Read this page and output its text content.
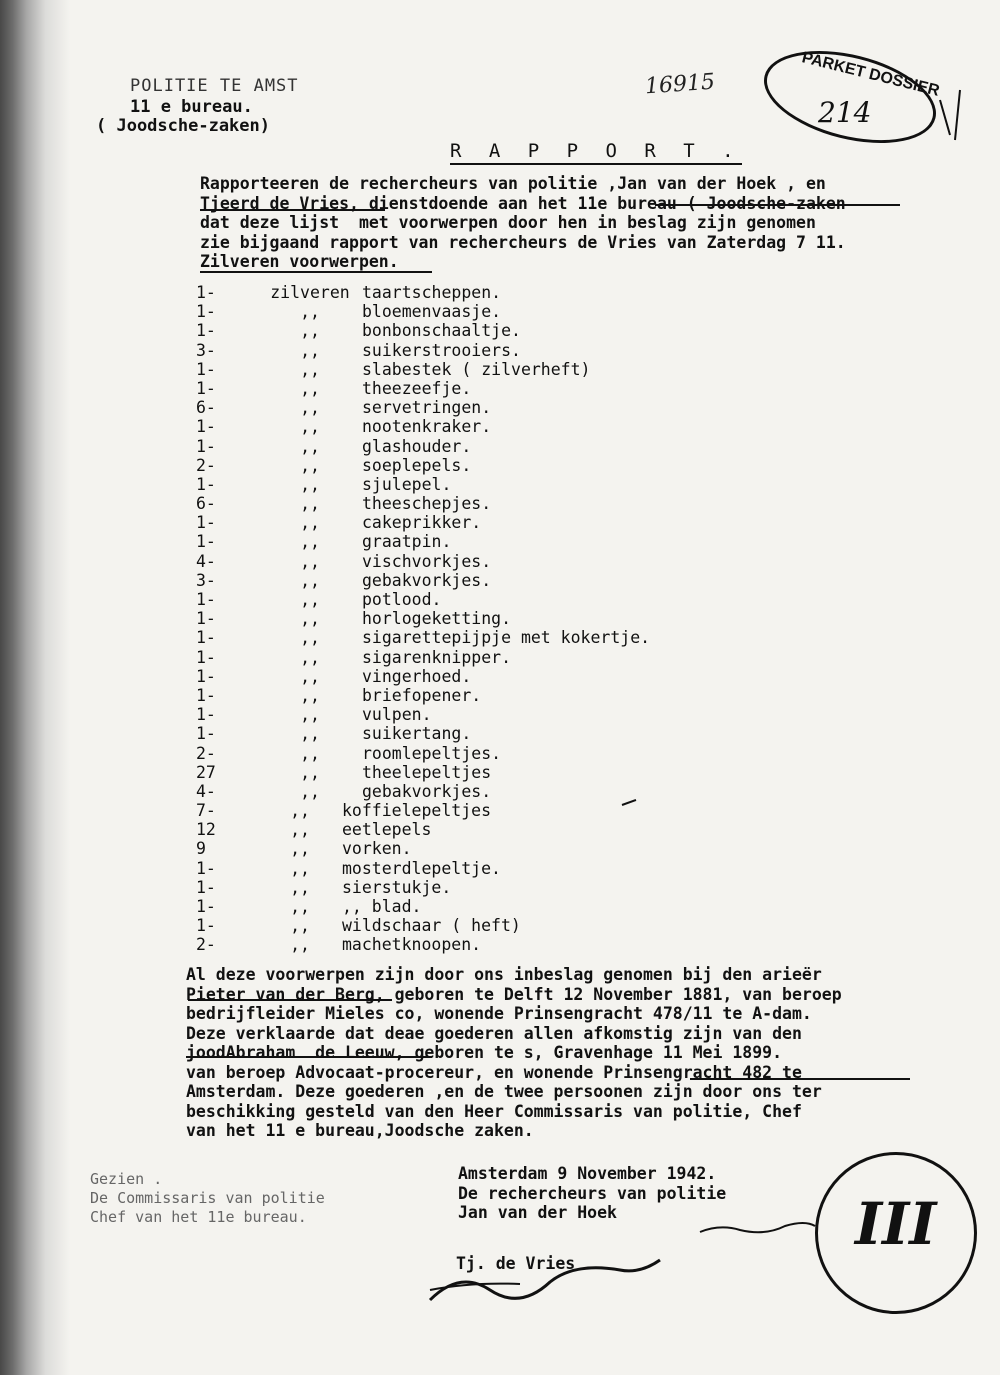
POLITIE TE AMST
11 e bureau.
( Joodsche-zaken)
16915	PARKET DOSSIER
214
R A P P O R T .
Rapporteeren de rechercheurs van politie ,Jan van der Hoek , en
Tjeerd de Vries, dienstdoende aan het 11e bureau ( Joodsche-zaken
dat deze lijst  met voorwerpen door hen in beslag zijn genomen
zie bijgaand rapport van rechercheurs de Vries van Zaterdag 7 11.
Zilveren voorwerpen.
1-	zilveren taartscheppen.
1-	,,	bloemenvaasje.
1-	,,	bonbonschaaltje.
3-	,,	suikerstrooiers.
1-	,,	slabestek ( zilverheft)
1-	,,	theezeefje.
6-	,,	servetringen.
1-	,,	nootenkraker.
1-	,,	glashouder.
2-	,,	soeplepels.
1-	,,	sjulepel.
6-	,,	theeschepjes.
1-	,,	cakeprikker.
1-	,,	graatpin.
4-	,,	vischvorkjes.
3-	,,	gebakvorkjes.
1-	,,	potlood.
1-	,,	horlogeketting.
1-	,,	sigarettepijpje met kokertje.
1-	,,	sigarenknipper.
1-	,,	vingerhoed.
1-	,,	briefopener.
1-	,,	vulpen.
1-	,,	suikertang.
2-	,,	roomlepeltjes.
27	,,	theelepeltjes
4-	,,	gebakvorkjes.
7-	,, koffielepeltjes
12	,, eetlepels
9	,, vorken.
1-	,, mosterdlepeltje.
1-	,, sierstukje.
1-	,, ,, blad.
1-	,, wildschaar ( heft)
2-	,, machetknoopen.
Al deze voorwerpen zijn door ons inbeslag genomen bij den arieër
Pieter van der Berg, geboren te Delft 12 November 1881, van beroep
bedrijfleider Mieles co, wonende Prinsengracht 478/11 te A-dam.
Deze verklaarde dat deae goederen allen afkomstig zijn van den
joodAbraham  de Leeuw, geboren te s, Gravenhage 11 Mei 1899.
van beroep Advocaat-procereur, en wonende Prinsengracht 482 te
Amsterdam. Deze goederen ,en de twee persoonen zijn door ons ter
beschikking gesteld van den Heer Commissaris van politie, Chef
van het 11 e bureau,Joodsche zaken.
Gezien .
De Commissaris van politie
Chef van het 11e bureau.
Amsterdam 9 November 1942.
De rechercheurs van politie
Jan van der Hoek
Tj. de Vries
III
